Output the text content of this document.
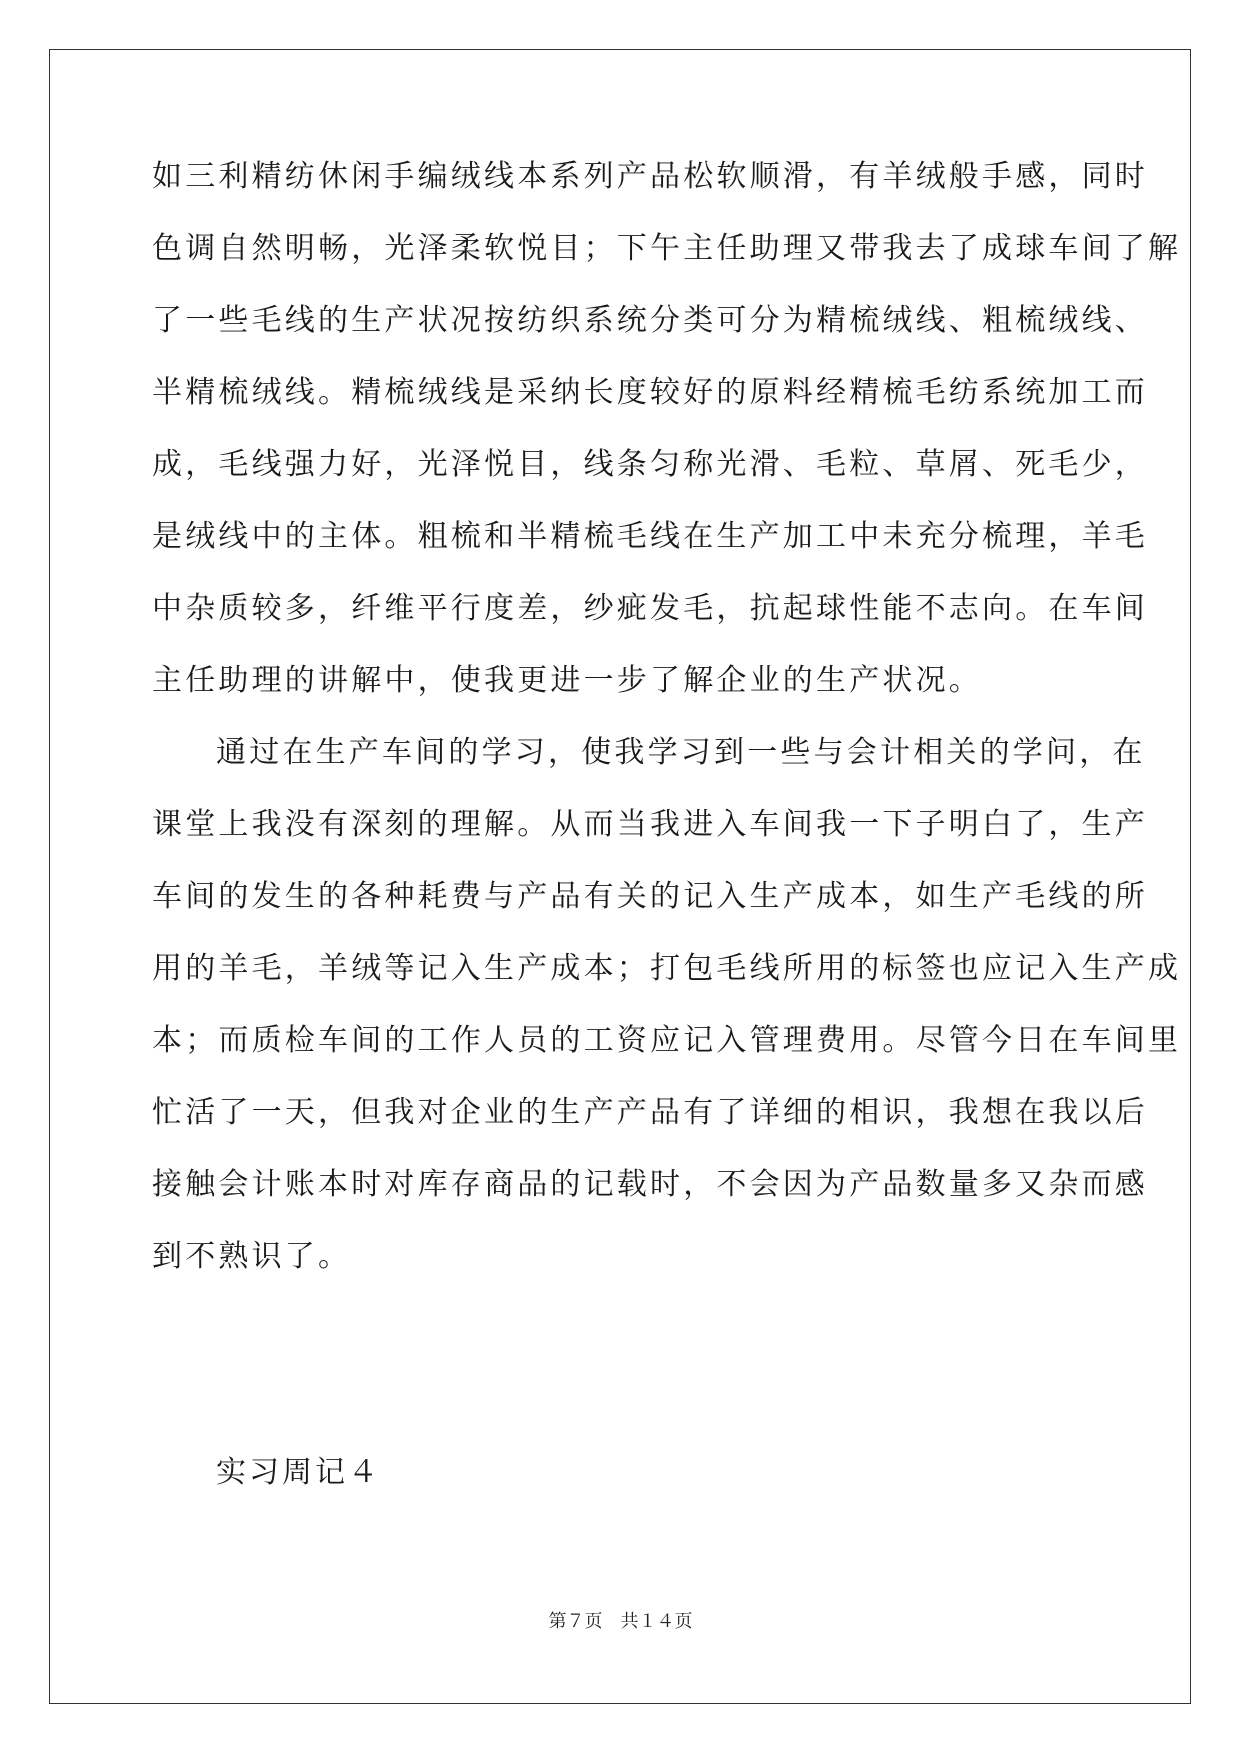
如三利精纺休闲手编绒线本系列产品松软顺滑，有羊绒般手感，同时
色调自然明畅，光泽柔软悦目；下午主任助理又带我去了成球车间了解
了一些毛线的生产状况按纺织系统分类可分为精梳绒线、粗梳绒线、
半精梳绒线。精梳绒线是采纳长度较好的原料经精梳毛纺系统加工而
成，毛线强力好，光泽悦目，线条匀称光滑、毛粒、草屑、死毛少，
是绒线中的主体。粗梳和半精梳毛线在生产加工中未充分梳理，羊毛
中杂质较多，纤维平行度差，纱疵发毛，抗起球性能不志向。在车间
主任助理的讲解中，使我更进一步了解企业的生产状况。
通过在生产车间的学习，使我学习到一些与会计相关的学问，在
课堂上我没有深刻的理解。从而当我进入车间我一下子明白了，生产
车间的发生的各种耗费与产品有关的记入生产成本，如生产毛线的所
用的羊毛，羊绒等记入生产成本；打包毛线所用的标签也应记入生产成
本；而质检车间的工作人员的工资应记入管理费用。尽管今日在车间里
忙活了一天，但我对企业的生产产品有了详细的相识，我想在我以后
接触会计账本时对库存商品的记载时，不会因为产品数量多又杂而感
到不熟识了。
实习周记４
第７页　共１４页
